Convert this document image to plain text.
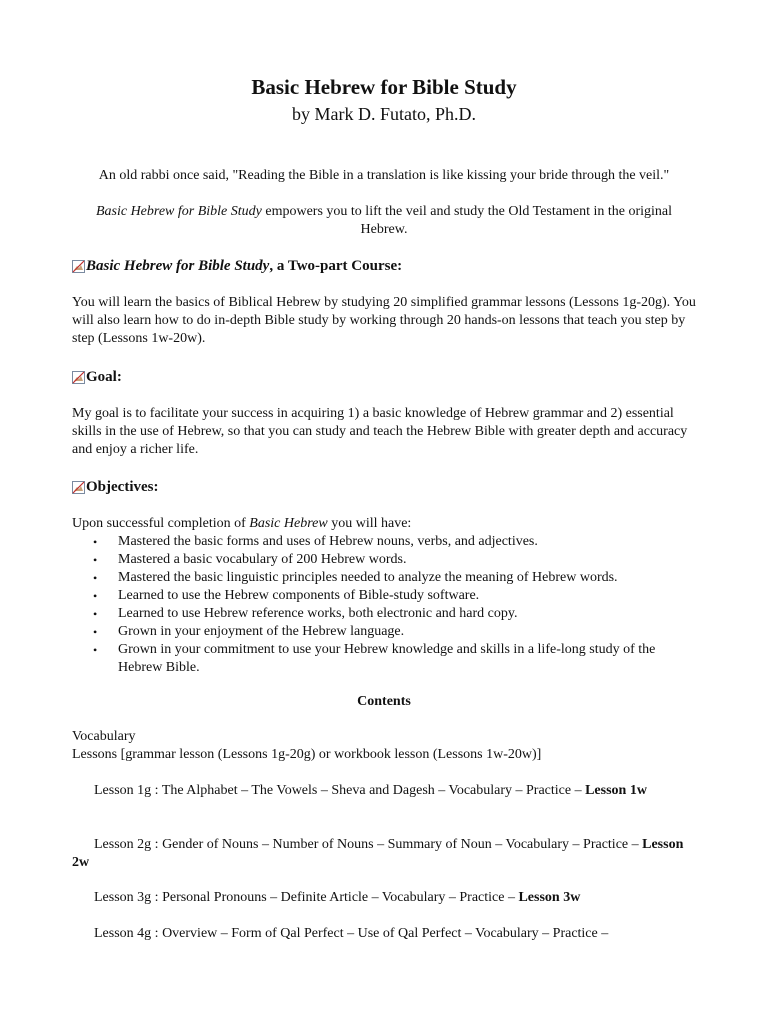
Basic Hebrew for Bible Study
by Mark D. Futato, Ph.D.
An old rabbi once said, "Reading the Bible in a translation is like kissing your bride through the veil."
Basic Hebrew for Bible Study empowers you to lift the veil and study the Old Testament in the original Hebrew.
Basic Hebrew for Bible Study , a Two-part Course:
You will learn the basics of Biblical Hebrew by studying 20 simplified grammar lessons (Lessons 1g-20g). You will also learn how to do in-depth Bible study by working through 20 hands-on lessons that teach you step by step (Lessons 1w-20w).
Goal:
My goal is to facilitate your success in acquiring 1) a basic knowledge of Hebrew grammar and 2) essential skills in the use of Hebrew, so that you can study and teach the Hebrew Bible with greater depth and accuracy and enjoy a richer life.
Objectives:
Upon successful completion of Basic Hebrew you will have:
• Mastered the basic forms and uses of Hebrew nouns, verbs, and adjectives.
• Mastered a basic vocabulary of 200 Hebrew words.
• Mastered the basic linguistic principles needed to analyze the meaning of Hebrew words.
• Learned to use the Hebrew components of Bible-study software.
• Learned to use Hebrew reference works, both electronic and hard copy.
• Grown in your enjoyment of the Hebrew language.
• Grown in your commitment to use your Hebrew knowledge and skills in a life-long study of the Hebrew Bible.
Contents
Vocabulary
Lessons [grammar lesson (Lessons 1g-20g) or workbook lesson (Lessons 1w-20w)]
Lesson 1g : The Alphabet – The Vowels – Sheva and Dagesh – Vocabulary – Practice – Lesson 1w
Lesson 2g : Gender of Nouns – Number of Nouns – Summary of Noun – Vocabulary – Practice – Lesson 2w
Lesson 3g : Personal Pronouns – Definite Article – Vocabulary – Practice – Lesson 3w
Lesson 4g : Overview – Form of Qal Perfect – Use of Qal Perfect – Vocabulary – Practice –
